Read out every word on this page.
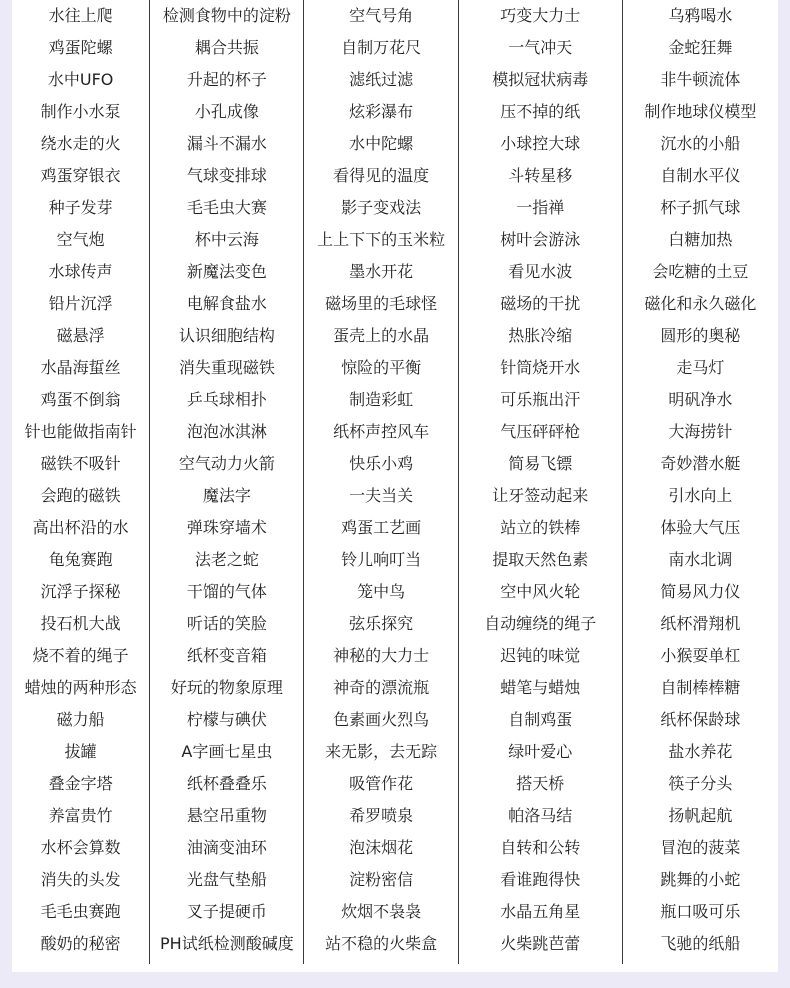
水往上爬
鸡蛋陀螺
水中UFO
制作小水泵
绕水走的火
鸡蛋穿银衣
种子发芽
空气炮
水球传声
铅片沉浮
磁悬浮
水晶海蜇丝
鸡蛋不倒翁
针也能做指南针
磁铁不吸针
会跑的磁铁
高出杯沿的水
龟兔赛跑
沉浮子探秘
投石机大战
烧不着的绳子
蜡烛的两种形态
磁力船
拔罐
叠金字塔
养富贵竹
水杯会算数
消失的头发
毛毛虫赛跑
酸奶的秘密
检测食物中的淀粉
耦合共振
升起的杯子
小孔成像
漏斗不漏水
气球变排球
毛毛虫大赛
杯中云海
新魔法变色
电解食盐水
认识细胞结构
消失重现磁铁
乒乓球相扑
泡泡冰淇淋
空气动力火箭
魔法字
弹珠穿墙术
法老之蛇
干馏的气体
听话的笑脸
纸杯变音箱
好玩的物象原理
柠檬与碘伏
A字画七星虫
纸杯叠叠乐
悬空吊重物
油滴变油环
光盘气垫船
叉子提硬币
PH试纸检测酸碱度
空气号角
自制万花尺
滤纸过滤
炫彩瀑布
水中陀螺
看得见的温度
影子变戏法
上上下下的玉米粒
墨水开花
磁场里的毛球怪
蛋壳上的水晶
惊险的平衡
制造彩虹
纸杯声控风车
快乐小鸡
一夫当关
鸡蛋工艺画
铃儿响叮当
笼中鸟
弦乐探究
神秘的大力士
神奇的漂流瓶
色素画火烈鸟
来无影，去无踪
吸管作花
希罗喷泉
泡沫烟花
淀粉密信
炊烟不袅袅
站不稳的火柴盒
巧变大力士
一气冲天
模拟冠状病毒
压不掉的纸
小球控大球
斗转星移
一指禅
树叶会游泳
看见水波
磁场的干扰
热胀冷缩
针筒烧开水
可乐瓶出汗
气压砰砰枪
简易飞镖
让牙签动起来
站立的铁棒
提取天然色素
空中风火轮
自动缠绕的绳子
迟钝的味觉
蜡笔与蜡烛
自制鸡蛋
绿叶爱心
搭天桥
帕洛马结
自转和公转
看谁跑得快
水晶五角星
火柴跳芭蕾
乌鸦喝水
金蛇狂舞
非牛顿流体
制作地球仪模型
沉水的小船
自制水平仪
杯子抓气球
白糖加热
会吃糖的土豆
磁化和永久磁化
圆形的奥秘
走马灯
明矾净水
大海捞针
奇妙潜水艇
引水向上
体验大气压
南水北调
简易风力仪
纸杯滑翔机
小猴耍单杠
自制棒棒糖
纸杯保龄球
盐水养花
筷子分头
扬帆起航
冒泡的菠菜
跳舞的小蛇
瓶口吸可乐
飞驰的纸船
